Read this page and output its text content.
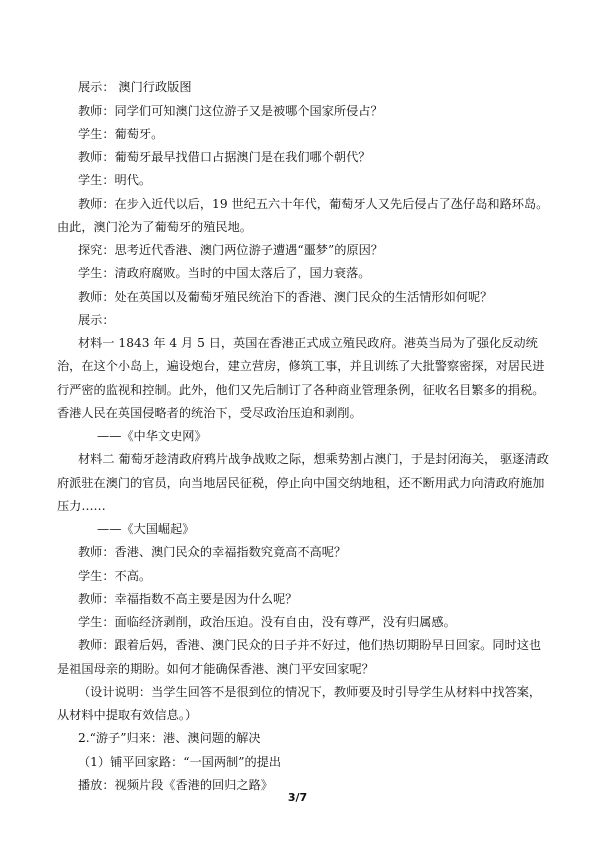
展示： 澳门行政版图
教师：同学们可知澳门这位游子又是被哪个国家所侵占？
学生：葡萄牙。
教师：葡萄牙最早找借口占据澳门是在我们哪个朝代？
学生：明代。
教师：在步入近代以后，19 世纪五六十年代，葡萄牙人又先后侵占了氹仔岛和路环岛。
由此，澳门沦为了葡萄牙的殖民地。
探究：思考近代香港、澳门两位游子遭遇“噩梦”的原因？
学生：清政府腐败。当时的中国太落后了，国力衰落。
教师：处在英国以及葡萄牙殖民统治下的香港、澳门民众的生活情形如何呢？
展示：
材料一 1843 年 4 月 5 日，英国在香港正式成立殖民政府。港英当局为了强化反动统
治，在这个小岛上，遍设炮台，建立营房，修筑工事，并且训练了大批警察密探，对居民进
行严密的监视和控制。此外，他们又先后制订了各种商业管理条例，征收名目繁多的捐税。
香港人民在英国侵略者的统治下，受尽政治压迫和剥削。
——《中华文史网》
材料二 葡萄牙趁清政府鸦片战争战败之际，想乘势割占澳门，于是封闭海关， 驱逐清政
府派驻在澳门的官员，向当地居民征税，停止向中国交纳地租，还不断用武力向清政府施加
压力……
——《大国崛起》
教师：香港、澳门民众的幸福指数究竟高不高呢？
学生：不高。
教师：幸福指数不高主要是因为什么呢？
学生：面临经济剥削，政治压迫。没有自由，没有尊严，没有归属感。
教师：跟着后妈，香港、澳门民众的日子并不好过，他们热切期盼早日回家。同时这也
是祖国母亲的期盼。如何才能确保香港、澳门平安回家呢？
（设计说明：当学生回答不是很到位的情况下，教师要及时引导学生从材料中找答案，
从材料中提取有效信息。）
2.“游子”归来：港、澳问题的解决
（1）铺平回家路：“一国两制”的提出
播放：视频片段《香港的回归之路》
3/7
